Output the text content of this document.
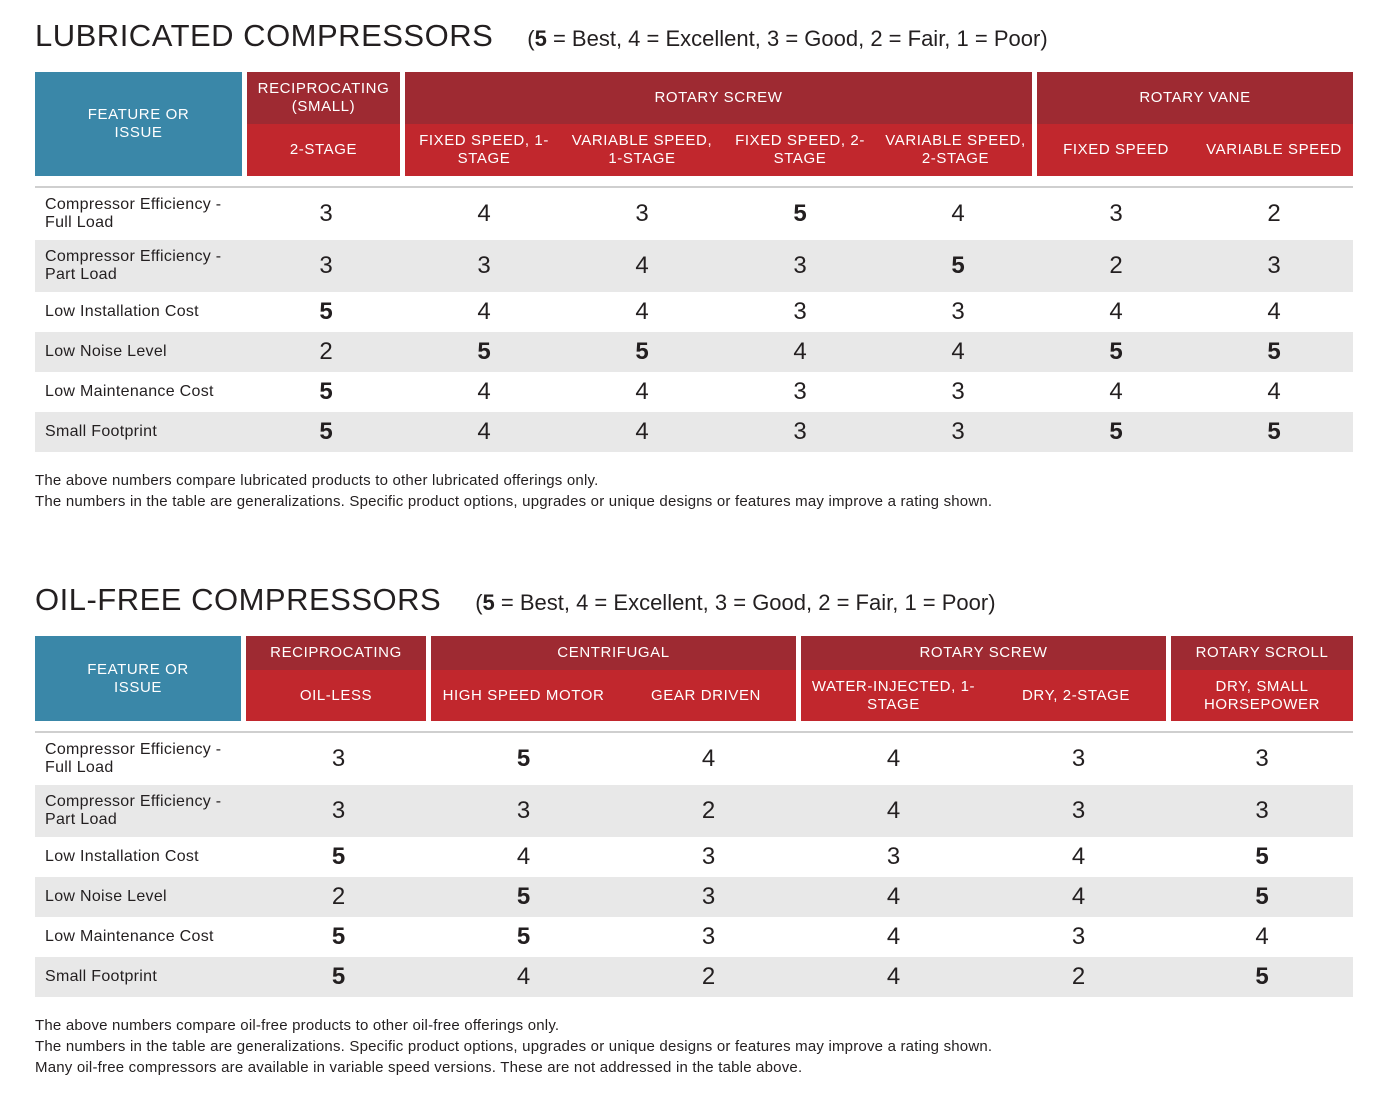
LUBRICATED COMPRESSORS (5 = Best, 4 = Excellent, 3 = Good, 2 = Fair, 1 = Poor)
FEATURE OR ISSUE	RECIPROCATING (SMALL)	ROTARY SCREW				ROTARY VANE	
	2-STAGE	FIXED SPEED, 1-STAGE	VARIABLE SPEED, 1-STAGE	FIXED SPEED, 2-STAGE	VARIABLE SPEED, 2-STAGE	FIXED SPEED	VARIABLE SPEED

Compressor Efficiency - Full Load	3	4	3	5	4	3	2
Compressor Efficiency - Part Load	3	3	4	3	5	2	3
Low Installation Cost	5	4	4	3	3	4	4
Low Noise Level	2	5	5	4	4	5	5
Low Maintenance Cost	5	4	4	3	3	4	4
Small Footprint	5	4	4	3	3	5	5
The above numbers compare lubricated products to other lubricated offerings only.
The numbers in the table are generalizations. Specific product options, upgrades or unique designs or features may improve a rating shown.
OIL-FREE COMPRESSORS (5 = Best, 4 = Excellent, 3 = Good, 2 = Fair, 1 = Poor)
FEATURE OR ISSUE	RECIPROCATING	CENTRIFUGAL		ROTARY SCREW		ROTARY SCROLL
	OIL-LESS	HIGH SPEED MOTOR	GEAR DRIVEN	WATER-INJECTED, 1-STAGE	DRY, 2-STAGE	DRY, SMALL HORSEPOWER

Compressor Efficiency - Full Load	3	5	4	4	3	3
Compressor Efficiency - Part Load	3	3	2	4	3	3
Low Installation Cost	5	4	3	3	4	5
Low Noise Level	2	5	3	4	4	5
Low Maintenance Cost	5	5	3	4	3	4
Small Footprint	5	4	2	4	2	5
The above numbers compare oil-free products to other oil-free offerings only.
The numbers in the table are generalizations. Specific product options, upgrades or unique designs or features may improve a rating shown.
Many oil-free compressors are available in variable speed versions. These are not addressed in the table above.
